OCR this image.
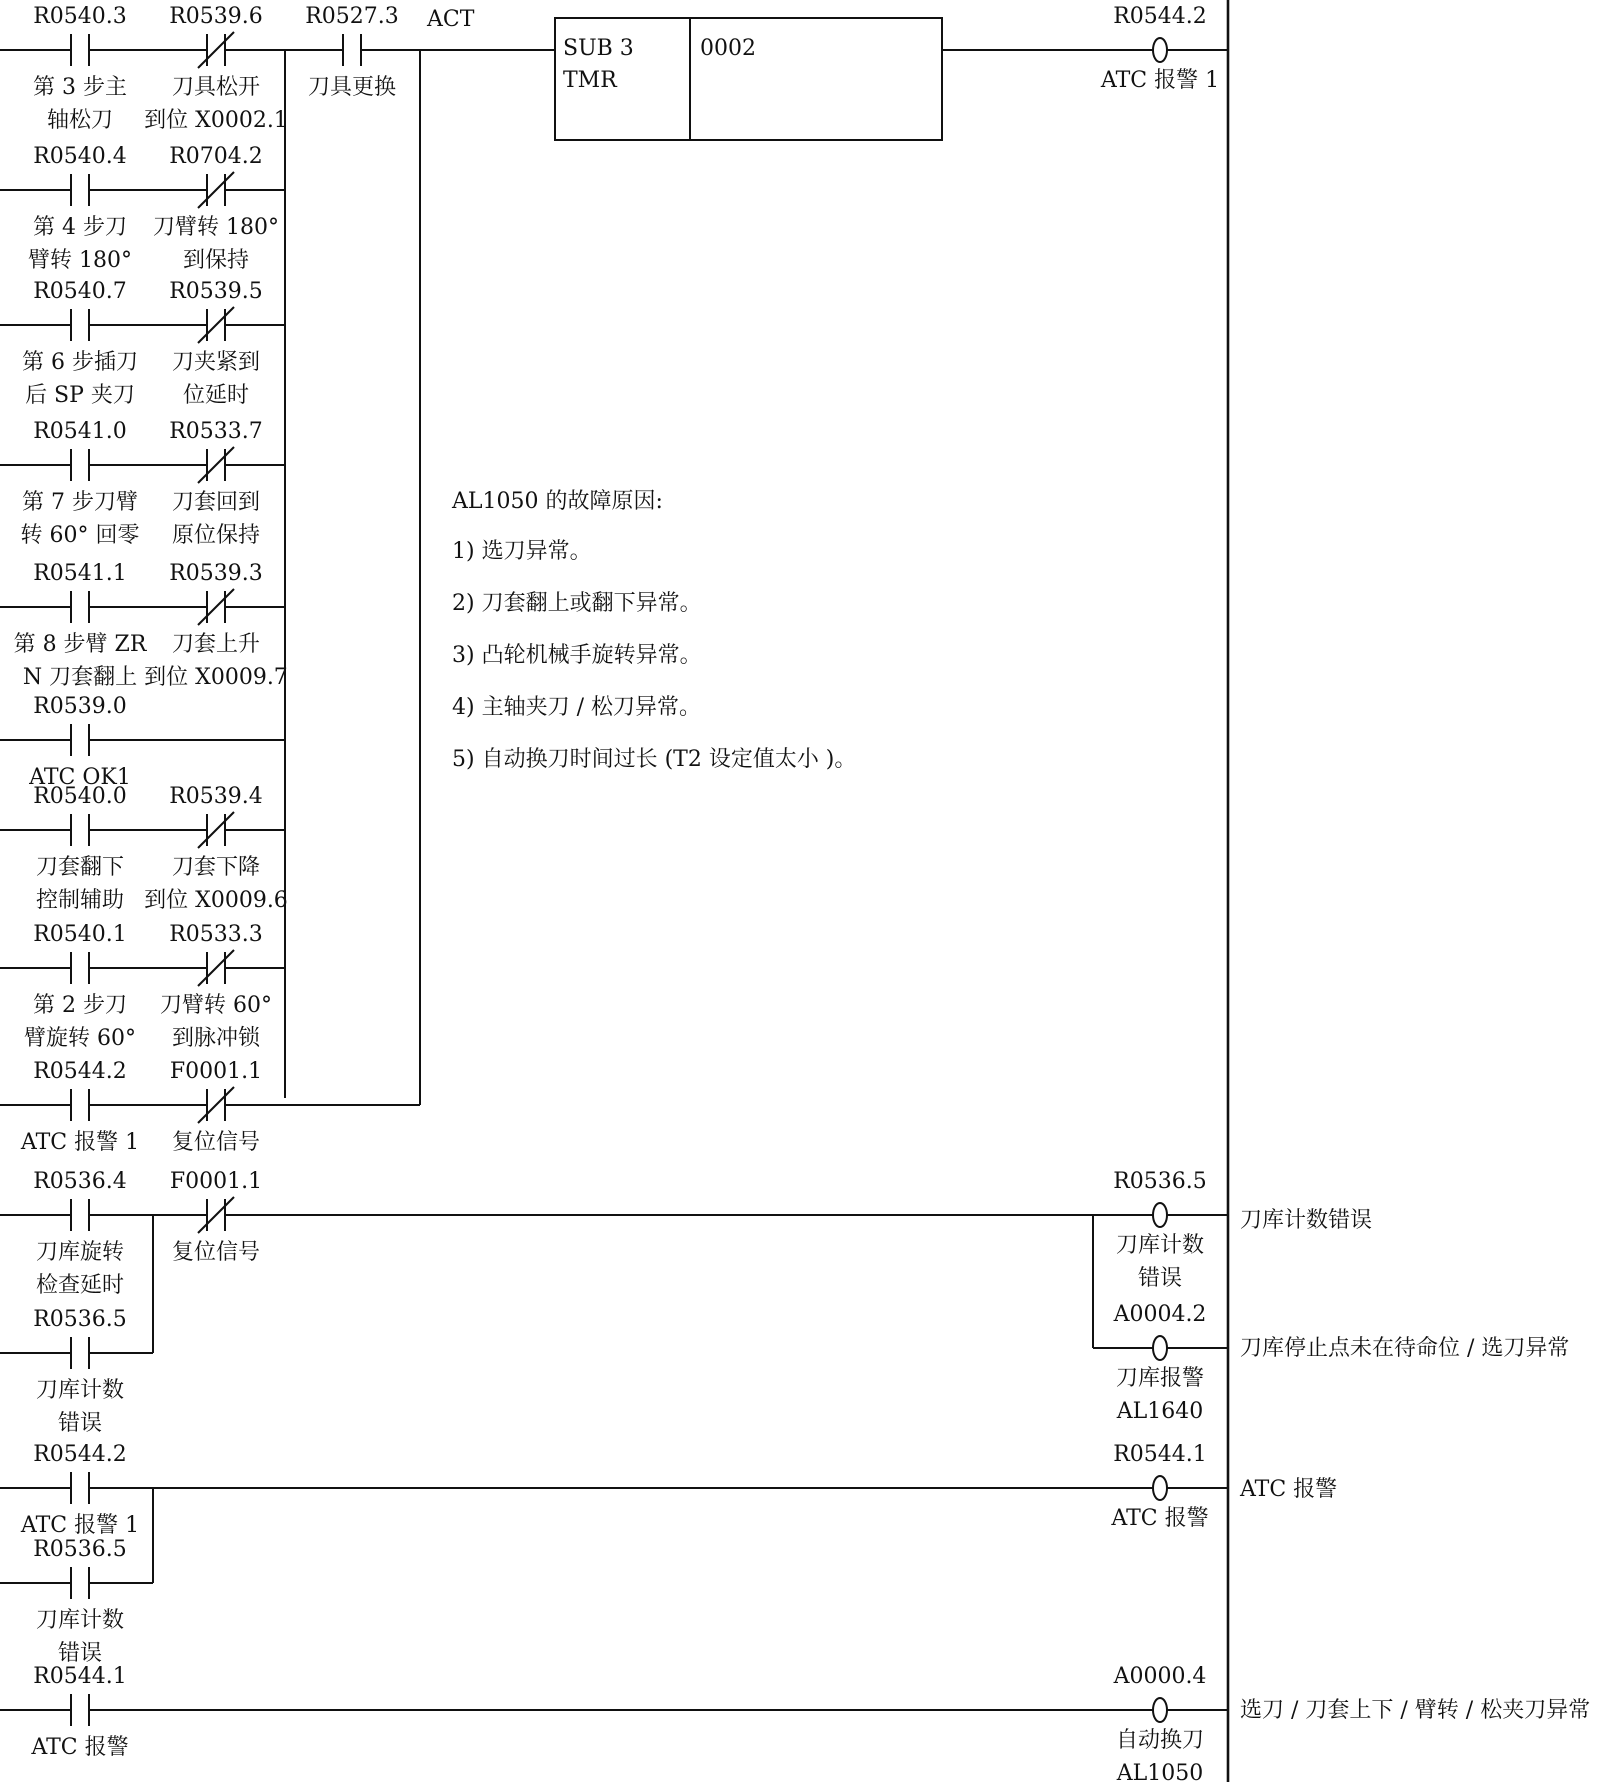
SUB 3
TMR
0002
ACT
R0540.3
第 3 步主
轴松刀
R0539.6
刀具松开
到位 X0002.1
R0527.3
刀具更换
R0540.4
第 4 步刀
臂转 180°
R0704.2
刀臂转 180°
到保持
R0540.7
第 6 步插刀
后 SP 夹刀
R0539.5
刀夹紧到
位延时
R0541.0
第 7 步刀臂
转 60° 回零
R0533.7
刀套回到
原位保持
R0541.1
第 8 步臂 ZR
N 刀套翻上
R0539.3
刀套上升
到位 X0009.7
R0539.0
ATC OK1
R0540.0
刀套翻下
控制辅助
R0539.4
刀套下降
到位 X0009.6
R0540.1
第 2 步刀
臂旋转 60°
R0533.3
刀臂转 60°
到脉冲锁
R0544.2
ATC 报警 1
F0001.1
复位信号
R0536.4
刀库旋转
检查延时
F0001.1
复位信号
R0536.5
刀库计数
错误
R0544.2
ATC 报警 1
R0536.5
刀库计数
错误
R0544.1
ATC 报警
R0544.2
ATC 报警 1
R0536.5
刀库计数
错误
A0004.2
刀库报警
AL1640
R0544.1
ATC 报警
A0000.4
自动换刀
AL1050
AL1050 的故障原因:
1) 选刀异常。
2) 刀套翻上或翻下异常。
3) 凸轮机械手旋转异常。
4) 主轴夹刀 / 松刀异常。
5) 自动换刀时间过长 (T2 设定值太小 )。
刀库计数错误
刀库停止点未在待命位 / 选刀异常
ATC 报警
选刀 / 刀套上下 / 臂转 / 松夹刀异常
